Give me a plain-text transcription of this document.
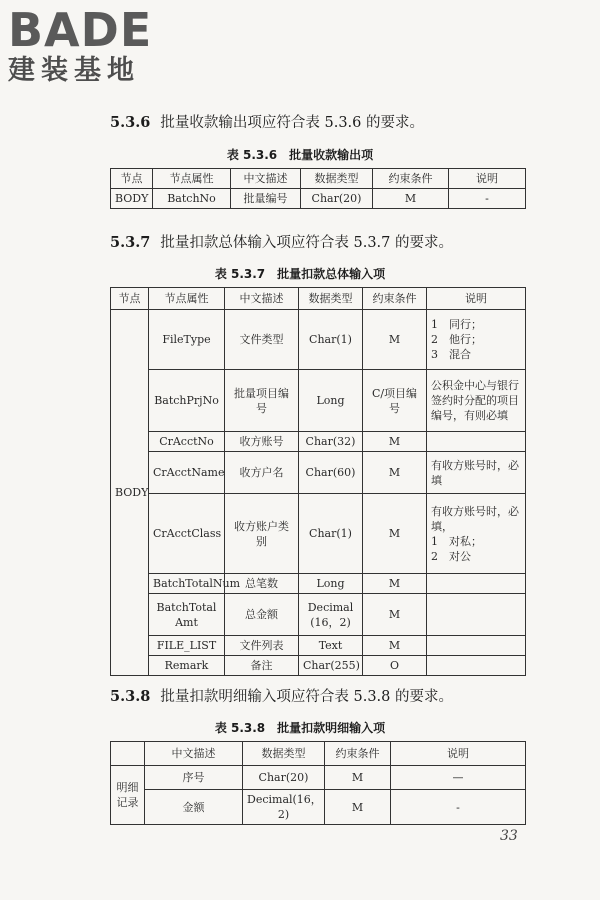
BADE
建装基地
5.3.6 批量收款输出项应符合表 5.3.6 的要求。
表 5.3.6　批量收款输出项
节点	节点属性	中文描述	数据类型	约束条件	说明
BODY	BatchNo	批量编号	Char(20)	M	-
5.3.7 批量扣款总体输入项应符合表 5.3.7 的要求。
表 5.3.7　批量扣款总体输入项
节点	节点属性	中文描述	数据类型	约束条件	说明
BODY	FileType	文件类型	Char(1)	M	1　同行；
2　他行；
3　混合

	BatchPrjNo	批量项目编号	Long	C/项目编号	公积金中心与银行签约时分配的项目编号，有则必填
	CrAcctNo	收方账号	Char(32)	M	
	CrAcctName	收方户名	Char(60)	M	有收方账号时，必填
	CrAcctClass	收方账户类别	Char(1)	M	有收方账号时，必填，
1　对私；
2　对公

	BatchTotalNum	总笔数	Long	M	
	BatchTotal Amt	总金额	Decimal (16，2)	M	
	FILE_LIST	文件列表	Text	M	
	Remark	备注	Char(255)	O	
5.3.8 批量扣款明细输入项应符合表 5.3.8 的要求。
表 5.3.8　批量扣款明细输入项
	中文描述	数据类型	约束条件	说明
明细记录	序号	Char(20)	M	—
	金额	Decimal(16，2)	M	-
33
